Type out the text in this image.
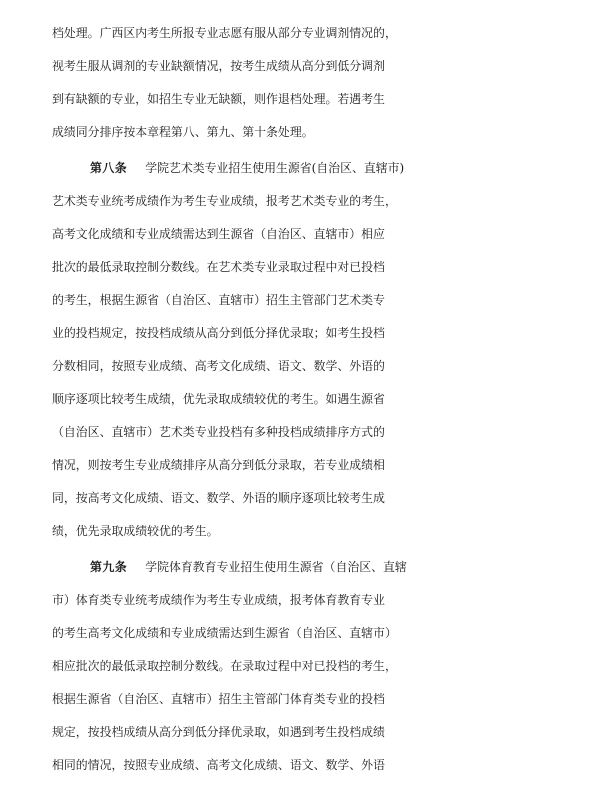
档处理。广西区内考生所报专业志愿有服从部分专业调剂情况的，
视考生服从调剂的专业缺额情况，按考生成绩从高分到低分调剂
到有缺额的专业，如招生专业无缺额，则作退档处理。若遇考生
成绩同分排序按本章程第八、第九、第十条处理。
第八条 学院艺术类专业招生使用生源省(自治区、直辖市)
艺术类专业统考成绩作为考生专业成绩，报考艺术类专业的考生，
高考文化成绩和专业成绩需达到生源省（自治区、直辖市）相应
批次的最低录取控制分数线。在艺术类专业录取过程中对已投档
的考生，根据生源省（自治区、直辖市）招生主管部门艺术类专
业的投档规定，按投档成绩从高分到低分择优录取；如考生投档
分数相同，按照专业成绩、高考文化成绩、语文、数学、外语的
顺序逐项比较考生成绩，优先录取成绩较优的考生。如遇生源省
（自治区、直辖市）艺术类专业投档有多种投档成绩排序方式的
情况，则按考生专业成绩排序从高分到低分录取，若专业成绩相
同，按高考文化成绩、语文、数学、外语的顺序逐项比较考生成
绩，优先录取成绩较优的考生。
第九条 学院体育教育专业招生使用生源省（自治区、直辖
市）体育类专业统考成绩作为考生专业成绩，报考体育教育专业
的考生高考文化成绩和专业成绩需达到生源省（自治区、直辖市）
相应批次的最低录取控制分数线。在录取过程中对已投档的考生，
根据生源省（自治区、直辖市）招生主管部门体育类专业的投档
规定，按投档成绩从高分到低分择优录取，如遇到考生投档成绩
相同的情况，按照专业成绩、高考文化成绩、语文、数学、外语
